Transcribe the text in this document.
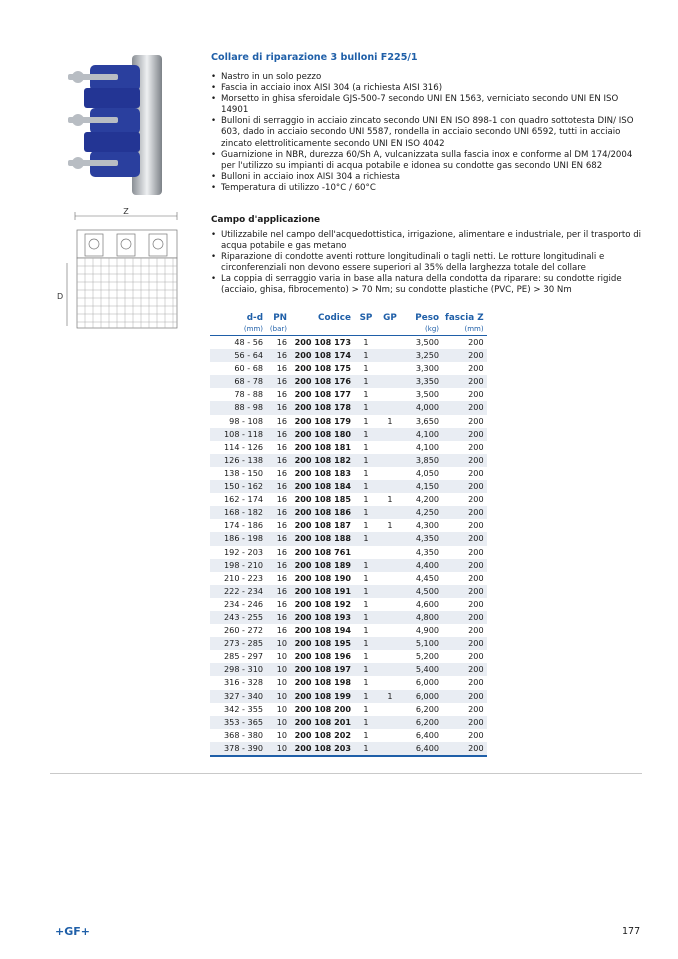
Z
D
Collare di riparazione 3 bulloni F225/1
• Nastro in un solo pezzo
• Fascia in acciaio inox AISI 304 (a richiesta AISI 316)
• Morsetto in ghisa sferoidale GJS-500-7 secondo UNI EN 1563, verniciato secondo UNI EN ISO 14901
• Bulloni di serraggio in acciaio zincato secondo UNI EN ISO 898-1 con quadro sottotesta DIN/ ISO 603, dado in acciaio secondo UNI 5587, rondella in acciaio secondo UNI 6592, tutti in acciaio zincato elettroliticamente secondo UNI EN ISO 4042
• Guarnizione in NBR, durezza 60/Sh A, vulcanizzata sulla fascia inox e conforme al DM 174/2004 per l'utilizzo su impianti di acqua potabile e idonea su condotte gas secondo UNI EN 682
• Bulloni in acciaio inox AISI 304 a richiesta
• Temperatura di utilizzo -10°C / 60°C
Campo d'applicazione
• Utilizzabile nel campo dell'acquedottistica, irrigazione, alimentare e industriale, per il trasporto di acqua potabile e gas metano
• Riparazione di condotte aventi rotture longitudinali o tagli netti. Le rotture longitudinali e circonferenziali non devono essere superiori al 35% della larghezza totale del collare
• La coppia di serraggio varia in base alla natura della condotta da riparare: su condotte rigide (acciaio, ghisa, fibrocemento) > 70 Nm; su condotte plastiche (PVC, PE) > 30 Nm
d-d	PN	Codice	SP	GP	Peso	fascia Z
(mm)	(bar)				(kg)	(mm)
48 - 56	16	200 108 173	1		3,500	200
56 - 64	16	200 108 174	1		3,250	200
60 - 68	16	200 108 175	1		3,300	200
68 - 78	16	200 108 176	1		3,350	200
78 - 88	16	200 108 177	1		3,500	200
88 - 98	16	200 108 178	1		4,000	200
98 - 108	16	200 108 179	1	1	3,650	200
108 - 118	16	200 108 180	1		4,100	200
114 - 126	16	200 108 181	1		4,100	200
126 - 138	16	200 108 182	1		3,850	200
138 - 150	16	200 108 183	1		4,050	200
150 - 162	16	200 108 184	1		4,150	200
162 - 174	16	200 108 185	1	1	4,200	200
168 - 182	16	200 108 186	1		4,250	200
174 - 186	16	200 108 187	1	1	4,300	200
186 - 198	16	200 108 188	1		4,350	200
192 - 203	16	200 108 761			4,350	200
198 - 210	16	200 108 189	1		4,400	200
210 - 223	16	200 108 190	1		4,450	200
222 - 234	16	200 108 191	1		4,500	200
234 - 246	16	200 108 192	1		4,600	200
243 - 255	16	200 108 193	1		4,800	200
260 - 272	16	200 108 194	1		4,900	200
273 - 285	10	200 108 195	1		5,100	200
285 - 297	10	200 108 196	1		5,200	200
298 - 310	10	200 108 197	1		5,400	200
316 - 328	10	200 108 198	1		6,000	200
327 - 340	10	200 108 199	1	1	6,000	200
342 - 355	10	200 108 200	1		6,200	200
353 - 365	10	200 108 201	1		6,200	200
368 - 380	10	200 108 202	1		6,400	200
378 - 390	10	200 108 203	1		6,400	200
+GF+	177
